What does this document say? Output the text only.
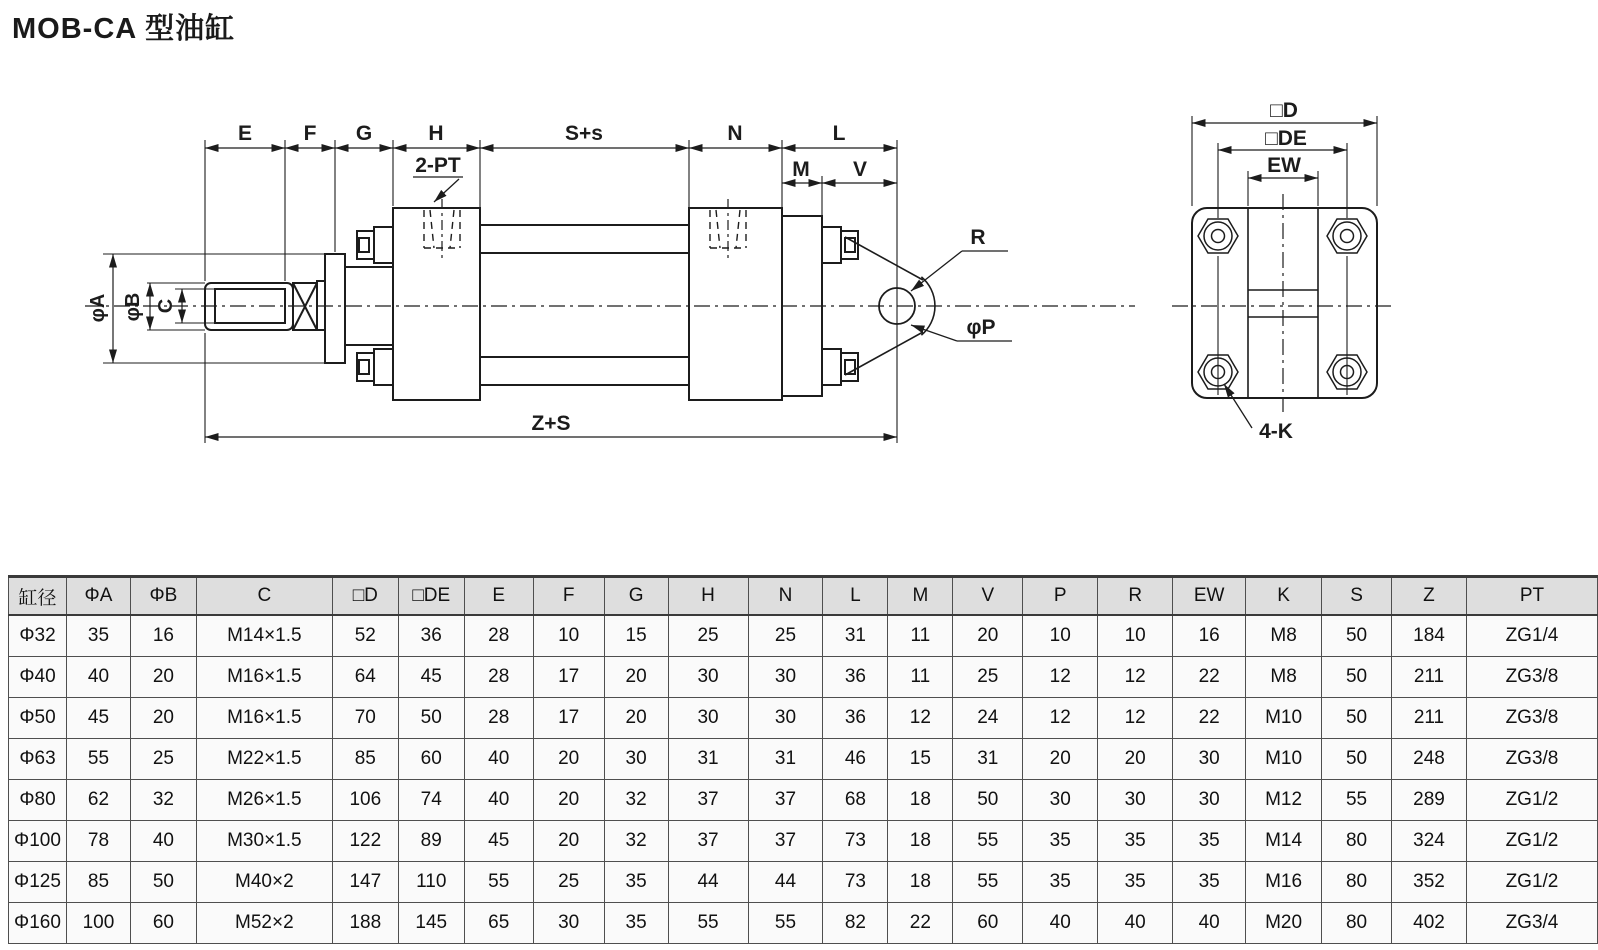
MOB-CA 型油缸
E F G	H	S+s	N	L
M V
2-PT
R
φP
Z+S
φA φB C
□D
□DE
EW
4-K
缸径	ΦA	ΦB	C	□D	□DE	E	F	G	H	N	L	M	V	P	R	EW	K	S	Z	PT
Φ32	35	16	M14×1.5	52	36	28	10	15	25	25	31	11	20	10	10	16	M8	50	184	ZG1/4
Φ40	40	20	M16×1.5	64	45	28	17	20	30	30	36	11	25	12	12	22	M8	50	211	ZG3/8
Φ50	45	20	M16×1.5	70	50	28	17	20	30	30	36	12	24	12	12	22	M10	50	211	ZG3/8
Φ63	55	25	M22×1.5	85	60	40	20	30	31	31	46	15	31	20	20	30	M10	50	248	ZG3/8
Φ80	62	32	M26×1.5	106	74	40	20	32	37	37	68	18	50	30	30	30	M12	55	289	ZG1/2
Φ100	78	40	M30×1.5	122	89	45	20	32	37	37	73	18	55	35	35	35	M14	80	324	ZG1/2
Φ125	85	50	M40×2	147	110	55	25	35	44	44	73	18	55	35	35	35	M16	80	352	ZG1/2
Φ160	100	60	M52×2	188	145	65	30	35	55	55	82	22	60	40	40	40	M20	80	402	ZG3/4
